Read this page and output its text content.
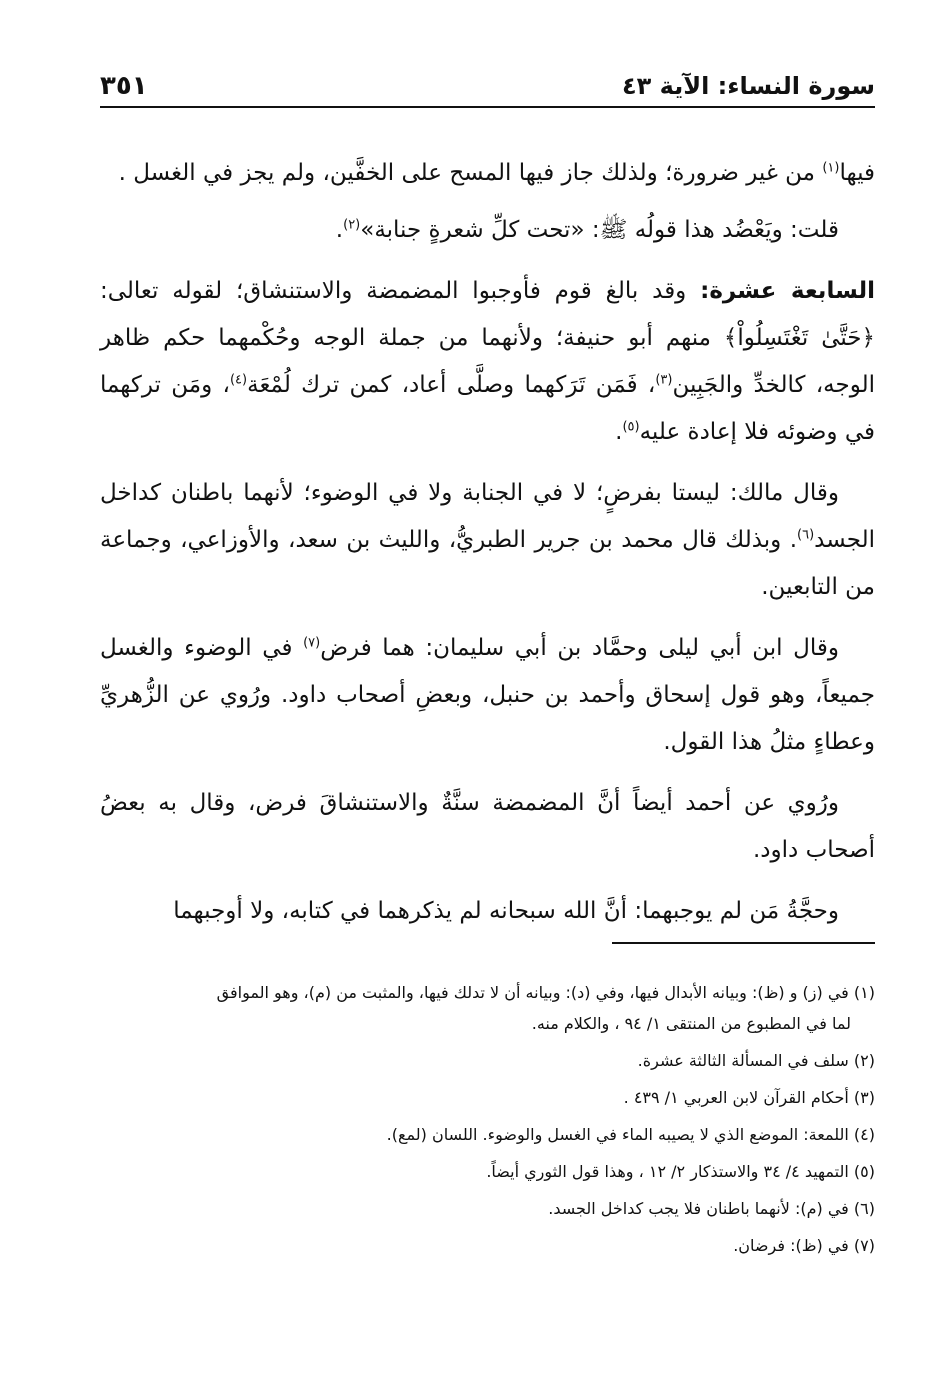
سورة النساء: الآية ٤٣
٣٥١

فيها$^{(١)}$ من غير ضرورة؛ ولذلك جاز فيها المسح على الخفَّين، ولم يجز في الغسل .

قلت: ويَعْضُد هذا قولُه ﷺ: «تحت كلِّ شعرةٍ جنابة»$^{(٢)}$.

السابعة عشرة: وقد بالغ قوم فأوجبوا المضمضة والاستنشاق؛ لقوله تعالى: ﴿حَتَّىٰ تَغْتَسِلُواْ﴾ منهم أبو حنيفة؛ ولأنهما من جملة الوجه وحُكْمهما حكم ظاهر الوجه، كالخدِّ والجَبِين$^{(٣)}$، فَمَن تَرَكهما وصلَّى أعاد، كمن ترك لُمْعَة$^{(٤)}$، ومَن تركهما في وضوئه فلا إعادة عليه$^{(٥)}$.

وقال مالك: ليستا بفرضٍ؛ لا في الجنابة ولا في الوضوء؛ لأنهما باطنان كداخل الجسد$^{(٦)}$. وبذلك قال محمد بن جرير الطبريُّ، والليث بن سعد، والأوزاعي، وجماعة من التابعين.

وقال ابن أبي ليلى وحمَّاد بن أبي سليمان: هما فرض$^{(٧)}$ في الوضوء والغسل جميعاً، وهو قول إسحاق وأحمد بن حنبل، وبعضِ أصحاب داود. ورُوي عن الزُّهريِّ وعطاءٍ مثلُ هذا القول.

ورُوي عن أحمد أيضاً أنَّ المضمضة سنَّةٌ والاستنشاقَ فرض، وقال به بعضُ أصحاب داود.

وحجَّةُ مَن لم يوجبهما: أنَّ الله سبحانه لم يذكرهما في كتابه، ولا أوجبهما

(١) في (ز) و (ظ): وبيانه الأبدال فيها، وفي (د): وبيانه أن لا تدلك فيها، والمثبت من (م)، وهو الموافق
لما في المطبوع من المنتقى ١/ ٩٤ ، والكلام منه.
(٢) سلف في المسألة الثالثة عشرة.
(٣) أحكام القرآن لابن العربي ١/ ٤٣٩ .
(٤) اللمعة: الموضع الذي لا يصيبه الماء في الغسل والوضوء. اللسان (لمع).
(٥) التمهيد ٤/ ٣٤ والاستذكار ٢/ ١٢ ، وهذا قول الثوري أيضاً.
(٦) في (م): لأنهما باطنان فلا يجب كداخل الجسد.
(٧) في (ظ): فرضان.
